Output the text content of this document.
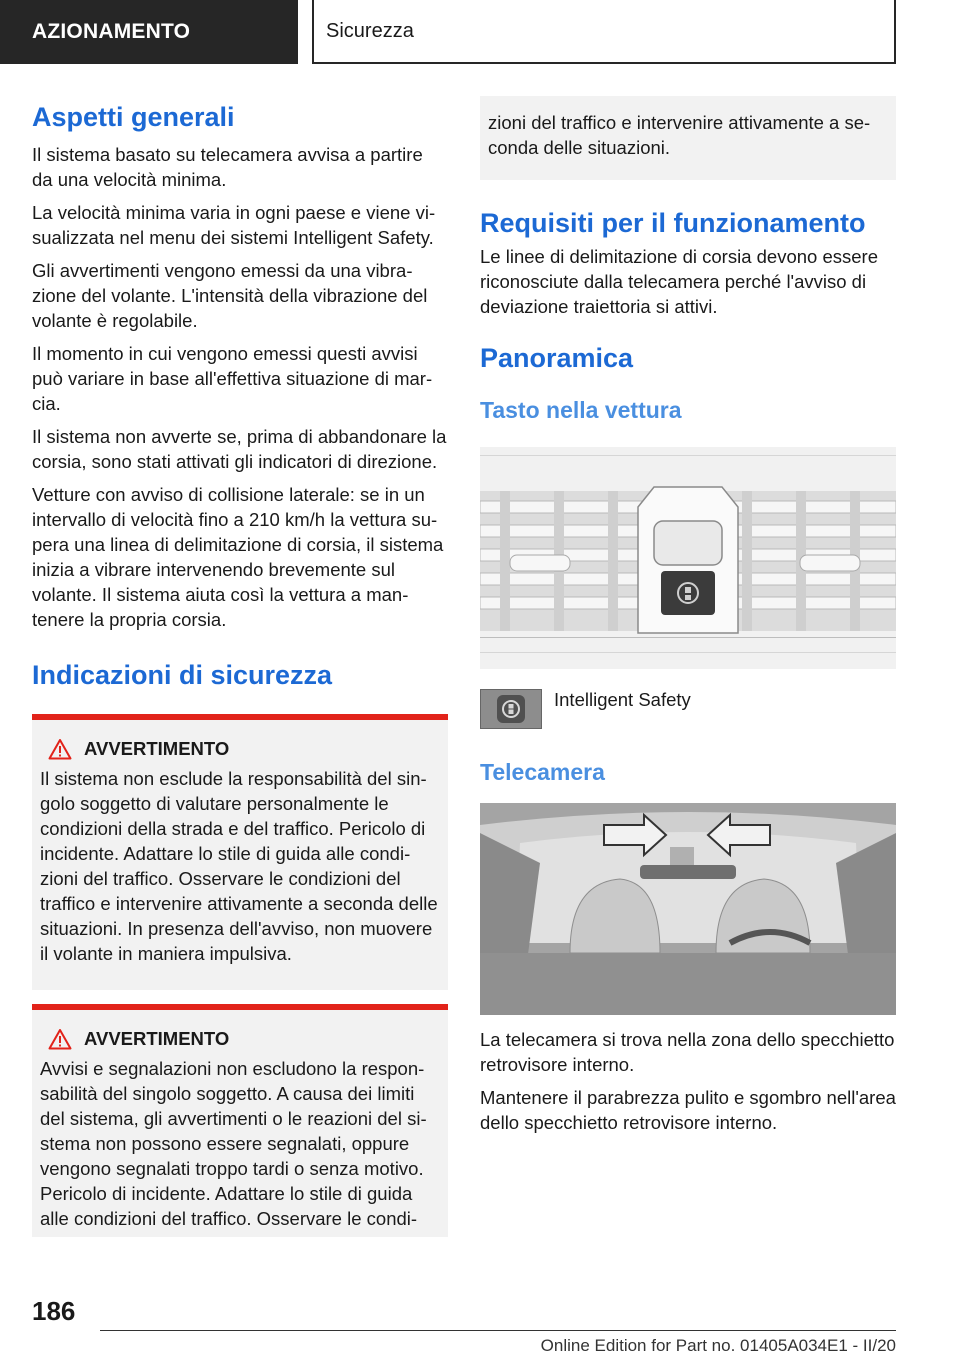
AZIONAMENTO	Sicurezza
Aspetti generali

Il sistema basato su telecamera avvisa a partire da una velocità minima.

La velocità minima varia in ogni paese e viene visualizzata nel menu dei sistemi Intelligent Safety.

Gli avvertimenti vengono emessi da una vibrazione del volante. L'intensità della vibrazione del volante è regolabile.

Il momento in cui vengono emessi questi avvisi può variare in base all'effettiva situazione di marcia.

Il sistema non avverte se, prima di abbandonare la corsia, sono stati attivati gli indicatori di direzione.

Vetture con avviso di collisione laterale: se in un intervallo di velocità fino a 210 km/h la vettura supera una linea di delimitazione di corsia, il sistema inizia a vibrare intervenendo brevemente sul volante. Il sistema aiuta così la vettura a mantenere la propria corsia.

Indicazioni di sicurezza
AVVERTIMENTO

Il sistema non esclude la responsabilità del singolo soggetto di valutare personalmente le condizioni della strada e del traffico. Pericolo di incidente. Adattare lo stile di guida alle condizioni del traffico. Osservare le condizioni del traffico e intervenire attivamente a seconda delle situazioni. In presenza dell'avviso, non muovere il volante in maniera impulsiva.

AVVERTIMENTO

Avvisi e segnalazioni non escludono la responsabilità del singolo soggetto. A causa dei limiti del sistema, gli avvertimenti o le reazioni del sistema non possono essere segnalati, oppure vengono segnalati troppo tardi o senza motivo. Pericolo di incidente. Adattare lo stile di guida alle condizioni del traffico. Osservare le condi-

zioni del traffico e intervenire attivamente a seconda delle situazioni.

Requisiti per il funzionamento

Le linee di delimitazione di corsia devono essere riconosciute dalla telecamera perché l'avviso di deviazione traiettoria si attivi.

Panoramica
Tasto nella vettura
Intelligent Safety
Telecamera

La telecamera si trova nella zona dello specchietto retrovisore interno.

Mantenere il parabrezza pulito e sgombro nell'area dello specchietto retrovisore interno.

186
Online Edition for Part no. 01405A034E1 - II/20
